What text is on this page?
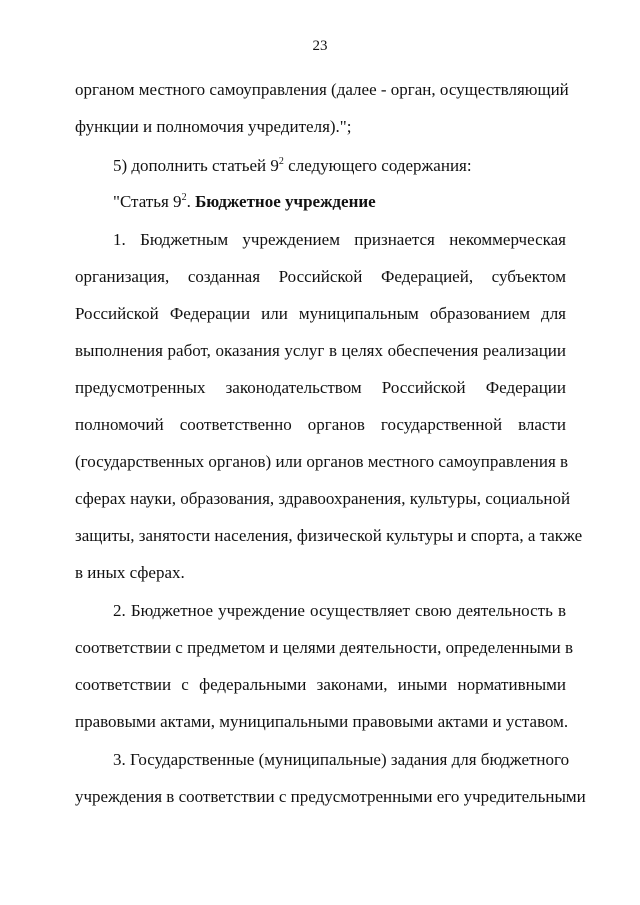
23
органом местного самоуправления (далее - орган, осуществляющий
функции и полномочия учредителя).";
5) дополнить статьей $9^2$ следующего содержания:
"Статья $9^2$. Бюджетное учреждение
1. Бюджетным учреждением признается некоммерческая
организация, созданная Российской Федерацией, субъектом
Российской Федерации или муниципальным образованием для
выполнения работ, оказания услуг в целях обеспечения реализации
предусмотренных законодательством Российской Федерации
полномочий соответственно органов государственной власти
(государственных органов) или органов местного самоуправления в
сферах науки, образования, здравоохранения, культуры, социальной
защиты, занятости населения, физической культуры и спорта, а также
в иных сферах.
2. Бюджетное учреждение осуществляет свою деятельность в
соответствии с предметом и целями деятельности, определенными в
соответствии с федеральными законами, иными нормативными
правовыми актами, муниципальными правовыми актами и уставом.
3. Государственные (муниципальные) задания для бюджетного
учреждения в соответствии с предусмотренными его учредительными
